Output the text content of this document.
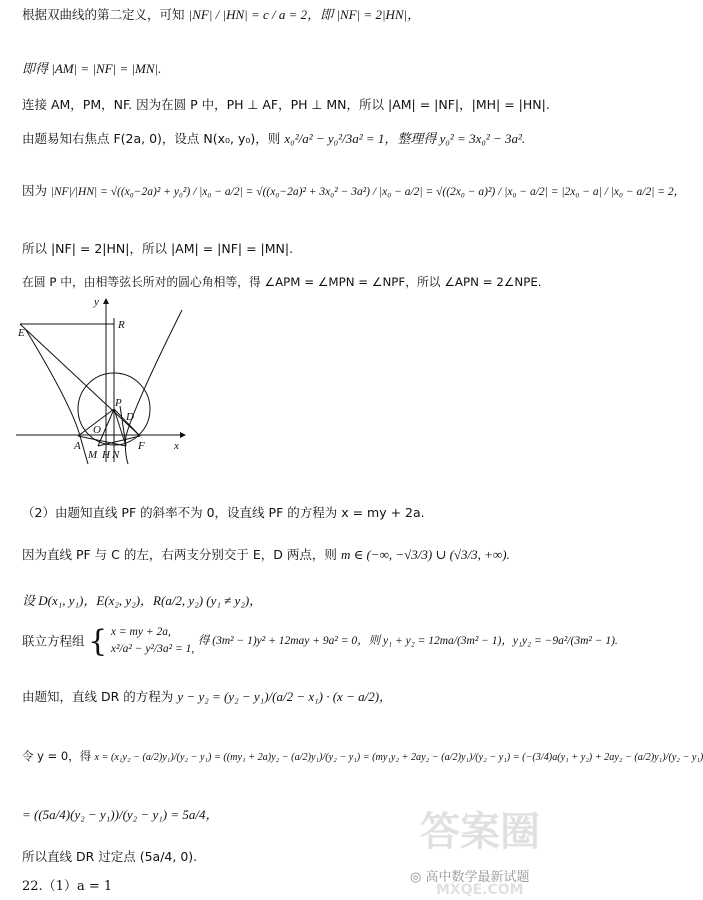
根据双曲线的第二定义，可知 |NF| / |HN| = c / a = 2，即 |NF| = 2|HN|，
即得 |AM| = |NF| = |MN|.
连接 AM，PM，NF. 因为在圆 P 中，PH ⊥ AF，PH ⊥ MN，所以 |AM| = |NF|，|MH| = |HN|.
由题易知右焦点 F(2a, 0)，设点 N(x₀, y₀)，则 x₀²/a² − y₀²/3a² = 1，整理得 y₀² = 3x₀² − 3a².
因为 |NF|/|HN| = √((x₀−2a)² + y₀²) / |x₀ − a/2| = √((x₀−2a)² + 3x₀² − 3a²) / |x₀ − a/2| = √((2x₀ − a)²) / |x₀ − a/2| = |2x₀ − a| / |x₀ − a/2| = 2，
所以 |NF| = 2|HN|，所以 |AM| = |NF| = |MN|.
在圆 P 中，由相等弦长所对的圆心角相等，得 ∠APM = ∠MPN = ∠NPF，所以 ∠APN = 2∠NPE.
y
E
R
P
D
O
A
M H N
F	x
（2）由题知直线 PF 的斜率不为 0，设直线 PF 的方程为 x = my + 2a.
因为直线 PF 与 C 的左，右两支分别交于 E，D 两点，则 m ∈ (−∞, −√3/3) ∪ (√3/3, +∞).
设 D(x₁, y₁)，E(x₂, y₂)，R(a/2, y₂) (y₁ ≠ y₂)，
联立方程组 { x = my + 2a,
x²/a² − y²/3a² = 1,
得 (3m² − 1)y² + 12may + 9a² = 0，则 y₁ + y₂ = 12ma/(3m² − 1)，y₁y₂ = −9a²/(3m² − 1).
由题知，直线 DR 的方程为 y − y₂ = (y₂ − y₁)/(a/2 − x₁) · (x − a/2)，
令 y = 0，得 x = (x₁y₂ − (a/2)y₁)/(y₂ − y₁) = ((my₁ + 2a)y₂ − (a/2)y₁)/(y₂ − y₁) = (my₁y₂ + 2ay₂ − (a/2)y₁)/(y₂ − y₁) = (−(3/4)a(y₁ + y₂) + 2ay₂ − (a/2)y₁)/(y₂ − y₁)
= ((5a/4)(y₂ − y₁))/(y₂ − y₁) = 5a/4，
所以直线 DR 过定点 (5a/4, 0).
22.（1）a = 1
答案圈
◎ 高中数学最新试题
MXQE.COM
